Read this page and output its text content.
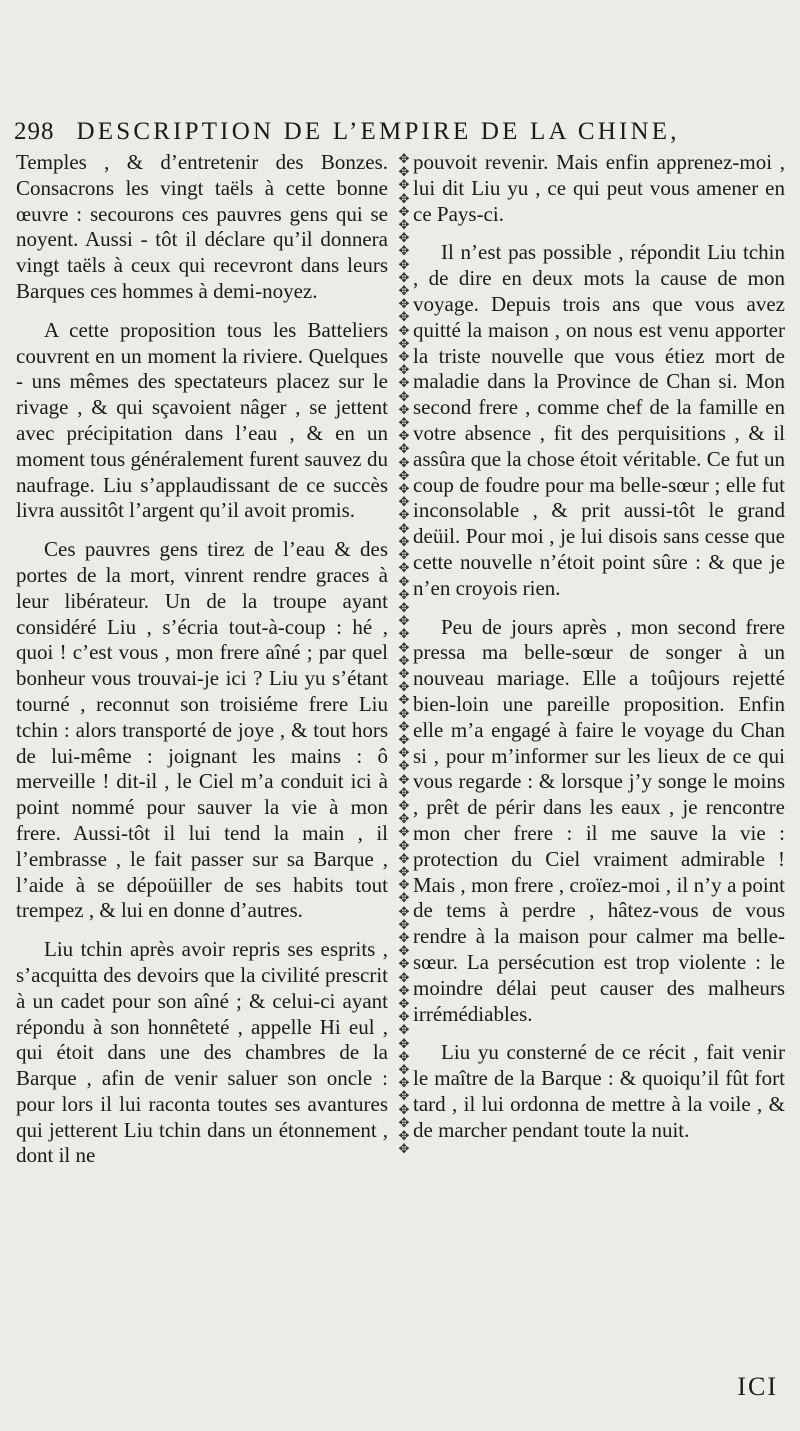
298 DESCRIPTION DE L’EMPIRE DE LA CHINE,

Temples , & d’entretenir des Bonzes. Consacrons les vingt taëls à cette bonne œuvre : secourons ces pauvres gens qui se noyent. Aussi - tôt il déclare qu’il donnera vingt taëls à ceux qui recevront dans leurs Barques ces hommes à demi-noyez.

A cette proposition tous les Batteliers couvrent en un moment la riviere. Quelques - uns mêmes des spectateurs placez sur le rivage , & qui sçavoient nâger , se jettent avec précipitation dans l’eau , & en un moment tous généralement furent sauvez du naufrage. Liu s’applaudissant de ce succès livra aussitôt l’argent qu’il avoit promis.

Ces pauvres gens tirez de l’eau & des portes de la mort, vinrent rendre graces à leur libérateur. Un de la troupe ayant considéré Liu , s’écria tout-à-coup : hé , quoi ! c’est vous , mon frere aîné ; par quel bonheur vous trouvai-je ici ? Liu yu s’étant tourné , reconnut son troisiéme frere Liu tchin : alors transporté de joye , & tout hors de lui-même : joignant les mains : ô merveille ! dit-il , le Ciel m’a conduit ici à point nommé pour sauver la vie à mon frere. Aussi-tôt il lui tend la main , il l’embrasse , le fait passer sur sa Barque , l’aide à se dépoüiller de ses habits tout trempez , & lui en donne d’autres.

Liu tchin après avoir repris ses esprits , s’acquitta des devoirs que la civilité prescrit à un cadet pour son aîné ; & celui-ci ayant répondu à son honnêteté , appelle Hi eul , qui étoit dans une des chambres de la Barque , afin de venir saluer son oncle : pour lors il lui raconta toutes ses avantures qui jetterent Liu tchin dans un étonnement , dont il ne

✥
✥
✥
✥
✥
✥
✥
✥
✥
✥
✥
✥
✥
✥
✥
✥
✥
✥
✥
✥
✥
✥
✥
✥
✥
✥
✥
✥
✥
✥
✥
✥
✥
✥
✥
✥
✥
✥
✥
✥
✥
✥
✥
✥
✥
✥
✥
✥
✥
✥
✥
✥
✥
✥
✥
✥
✥
✥
✥
✥
✥
✥
✥
✥
✥
✥
✥
✥
✥
✥
✥
✥
✥
✥
✥
✥

pouvoit revenir. Mais enfin apprenez-moi , lui dit Liu yu , ce qui peut vous amener en ce Pays-ci.

Il n’est pas possible , répondit Liu tchin , de dire en deux mots la cause de mon voyage. Depuis trois ans que vous avez quitté la maison , on nous est venu apporter la triste nouvelle que vous étiez mort de maladie dans la Province de Chan si. Mon second frere , comme chef de la famille en votre absence , fit des perquisitions , & il assûra que la chose étoit véritable. Ce fut un coup de foudre pour ma belle-sœur ; elle fut inconsolable , & prit aussi-tôt le grand deüil. Pour moi , je lui disois sans cesse que cette nouvelle n’étoit point sûre : & que je n’en croyois rien.

Peu de jours après , mon second frere pressa ma belle-sœur de songer à un nouveau mariage. Elle a toûjours rejetté bien-loin une pareille proposition. Enfin elle m’a engagé à faire le voyage du Chan si , pour m’informer sur les lieux de ce qui vous regarde : & lorsque j’y songe le moins , prêt de périr dans les eaux , je rencontre mon cher frere : il me sauve la vie : protection du Ciel vraiment admirable ! Mais , mon frere , croïez-moi , il n’y a point de tems à perdre , hâtez-vous de vous rendre à la maison pour calmer ma belle-sœur. La persécution est trop violente : le moindre délai peut causer des malheurs irrémédiables.

Liu yu consterné de ce récit , fait venir le maître de la Barque : & quoiqu’il fût fort tard , il lui ordonna de mettre à la voile , & de marcher pendant toute la nuit.

ICI
